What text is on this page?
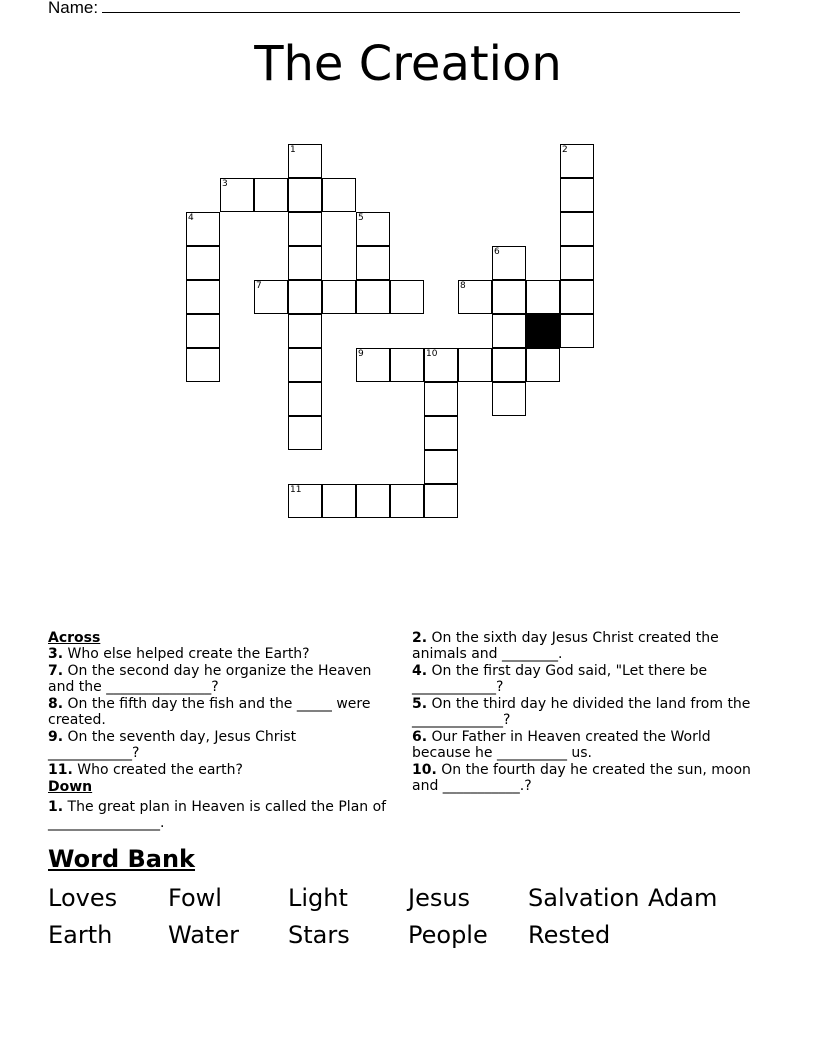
Name:
The Creation
1	2
3
4	5
6
7	8
10
9
11
Across
3. Who else helped create the Earth?
7. On the second day he organize the Heaven and the _______________?
8. On the fifth day the fish and the _____ were created.
9. On the seventh day, Jesus Christ ____________?
11. Who created the earth?
Down
1. The great plan in Heaven is called the Plan of ________________.
2. On the sixth day Jesus Christ created the animals and ________.
4. On the first day God said, "Let there be ____________?
5. On the third day he divided the land from the _____________?
6. Our Father in Heaven created the World because he __________ us.
10. On the fourth day he created the sun, moon and ___________.?
Word Bank
Loves	Fowl	Light	Jesus	Salvation Adam
Earth	Water	Stars	People	Rested
